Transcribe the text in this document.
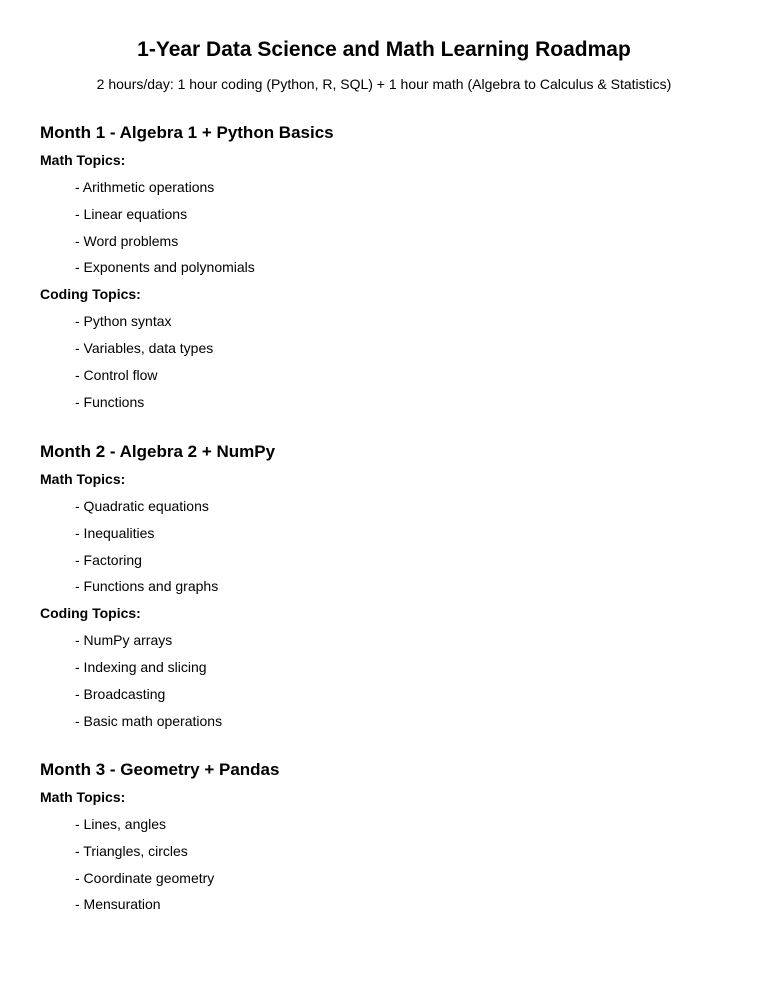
1-Year Data Science and Math Learning Roadmap

2 hours/day: 1 hour coding (Python, R, SQL) + 1 hour math (Algebra to Calculus & Statistics)

Month 1 - Algebra 1 + Python Basics
Math Topics:
- Arithmetic operations
- Linear equations
- Word problems
- Exponents and polynomials
Coding Topics:
- Python syntax
- Variables, data types
- Control flow
- Functions
Month 2 - Algebra 2 + NumPy
Math Topics:
- Quadratic equations
- Inequalities
- Factoring
- Functions and graphs
Coding Topics:
- NumPy arrays
- Indexing and slicing
- Broadcasting
- Basic math operations
Month 3 - Geometry + Pandas
Math Topics:
- Lines, angles
- Triangles, circles
- Coordinate geometry
- Mensuration
